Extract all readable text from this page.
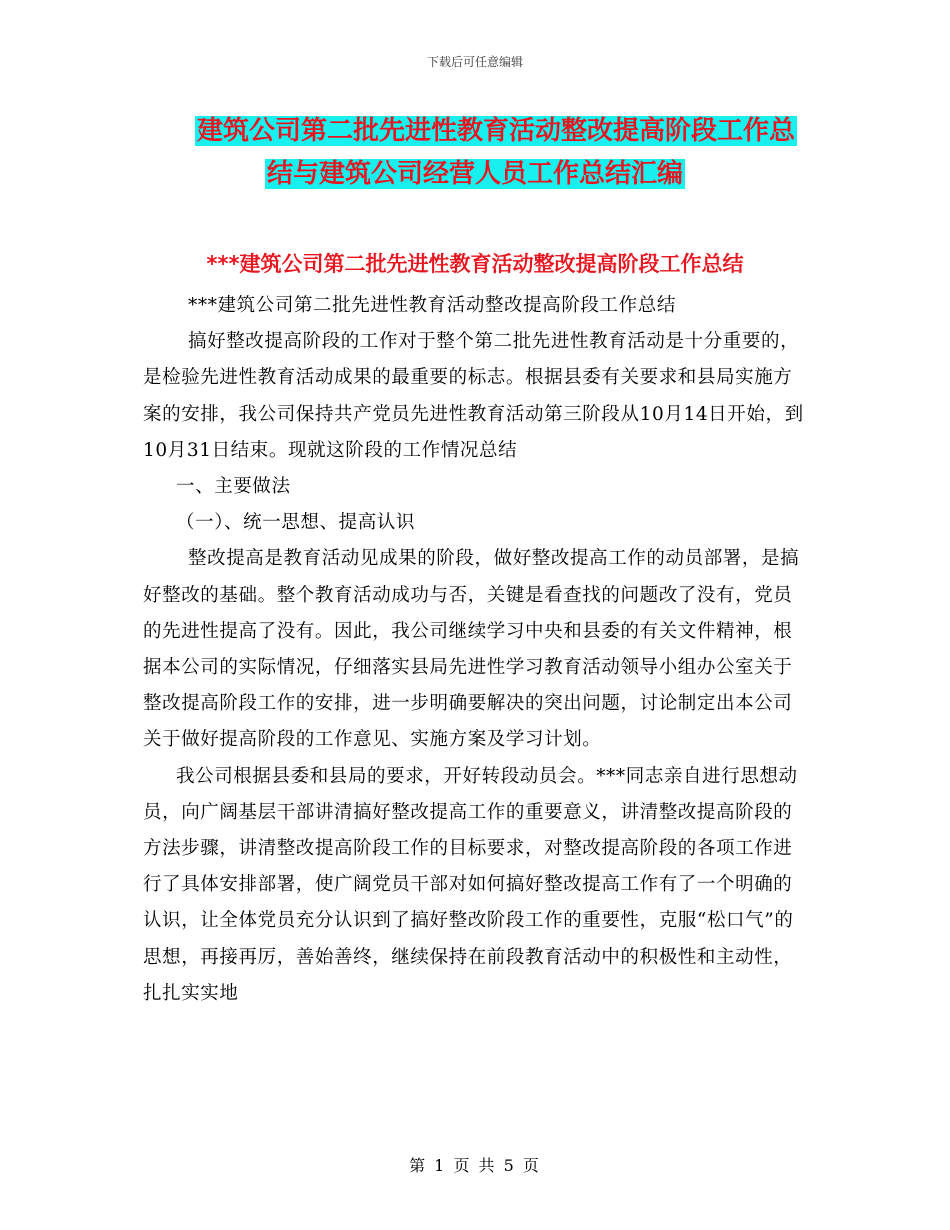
下载后可任意编辑
建筑公司第二批先进性教育活动整改提高阶段工作总
结与建筑公司经营人员工作总结汇编
***建筑公司第二批先进性教育活动整改提高阶段工作总结

***建筑公司第二批先进性教育活动整改提高阶段工作总结

搞好整改提高阶段的工作对于整个第二批先进性教育活动是十分重要的，是检验先进性教育活动成果的最重要的标志。根据县委有关要求和县局实施方案的安排，我公司保持共产党员先进性教育活动第三阶段从10月14日开始，到10月31日结束。现就这阶段的工作情况总结

一、主要做法

（一）、统一思想、提高认识

整改提高是教育活动见成果的阶段，做好整改提高工作的动员部署，是搞好整改的基础。整个教育活动成功与否，关键是看查找的问题改了没有，党员的先进性提高了没有。因此，我公司继续学习中央和县委的有关文件精神，根据本公司的实际情况，仔细落实县局先进性学习教育活动领导小组办公室关于整改提高阶段工作的安排，进一步明确要解决的突出问题，讨论制定出本公司关于做好提高阶段的工作意见、实施方案及学习计划。

我公司根据县委和县局的要求，开好转段动员会。***同志亲自进行思想动员，向广阔基层干部讲清搞好整改提高工作的重要意义，讲清整改提高阶段的方法步骤，讲清整改提高阶段工作的目标要求，对整改提高阶段的各项工作进行了具体安排部署，使广阔党员干部对如何搞好整改提高工作有了一个明确的认识，让全体党员充分认识到了搞好整改阶段工作的重要性，克服“松口气”的思想，再接再厉，善始善终，继续保持在前段教育活动中的积极性和主动性，扎扎实实地

第 1 页 共 5 页
